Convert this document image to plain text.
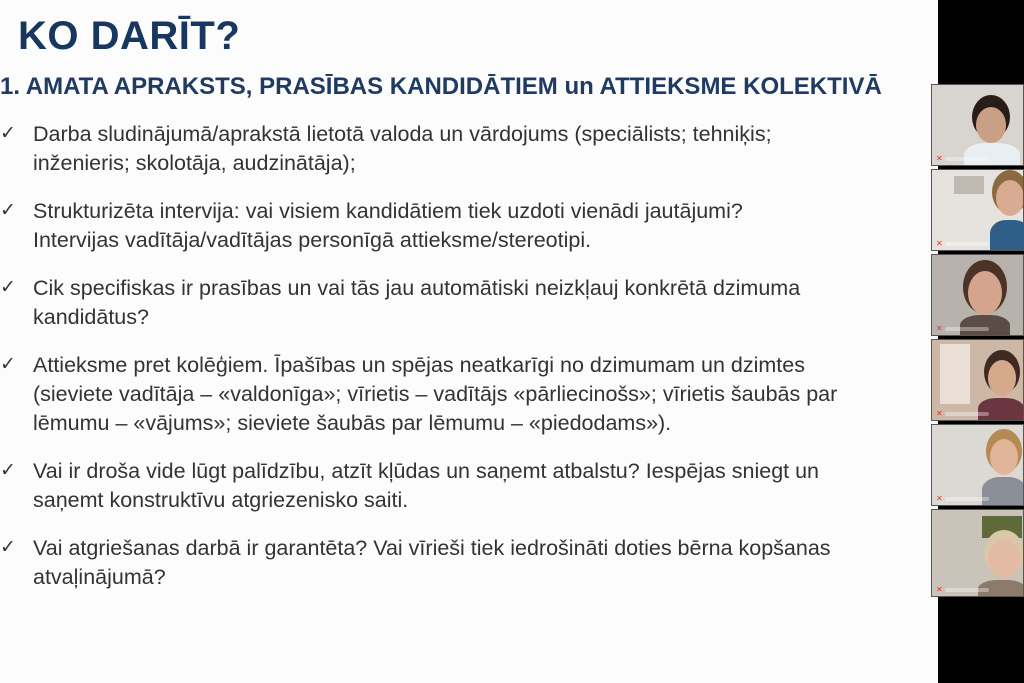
KO DARĪT?
1. AMATA APRAKSTS, PRASĪBAS KANDIDĀTIEM un ATTIEKSME KOLEKTIVĀ
✓ Darba sludinājumā/aprakstā lietotā valoda un vārdojums (speciālists; tehniķis;
inženieris; skolotāja, audzinātāja);
✓ Strukturizēta intervija: vai visiem kandidātiem tiek uzdoti vienādi jautājumi?
Intervijas vadītāja/vadītājas personīgā attieksme/stereotipi.
✓ Cik specifiskas ir prasības un vai tās jau automātiski neizkļauj konkrētā dzimuma
kandidātus?
✓ Attieksme pret kolēģiem. Īpašības un spējas neatkarīgi no dzimumam un dzimtes
(sieviete vadītāja – «valdonīga»; vīrietis – vadītājs «pārliecinošs»; vīrietis šaubās par
lēmumu – «vājums»; sieviete šaubās par lēmumu – «piedodams»).
✓ Vai ir droša vide lūgt palīdzību, atzīt kļūdas un saņemt atbalstu? Iespējas sniegt un
saņemt konstruktīvu atgriezenisko saiti.
✓ Vai atgriešanas darbā ir garantēta? Vai vīrieši tiek iedrošināti doties bērna kopšanas
atvaļinājumā?
✕
✕
✕
✕
✕
✕
